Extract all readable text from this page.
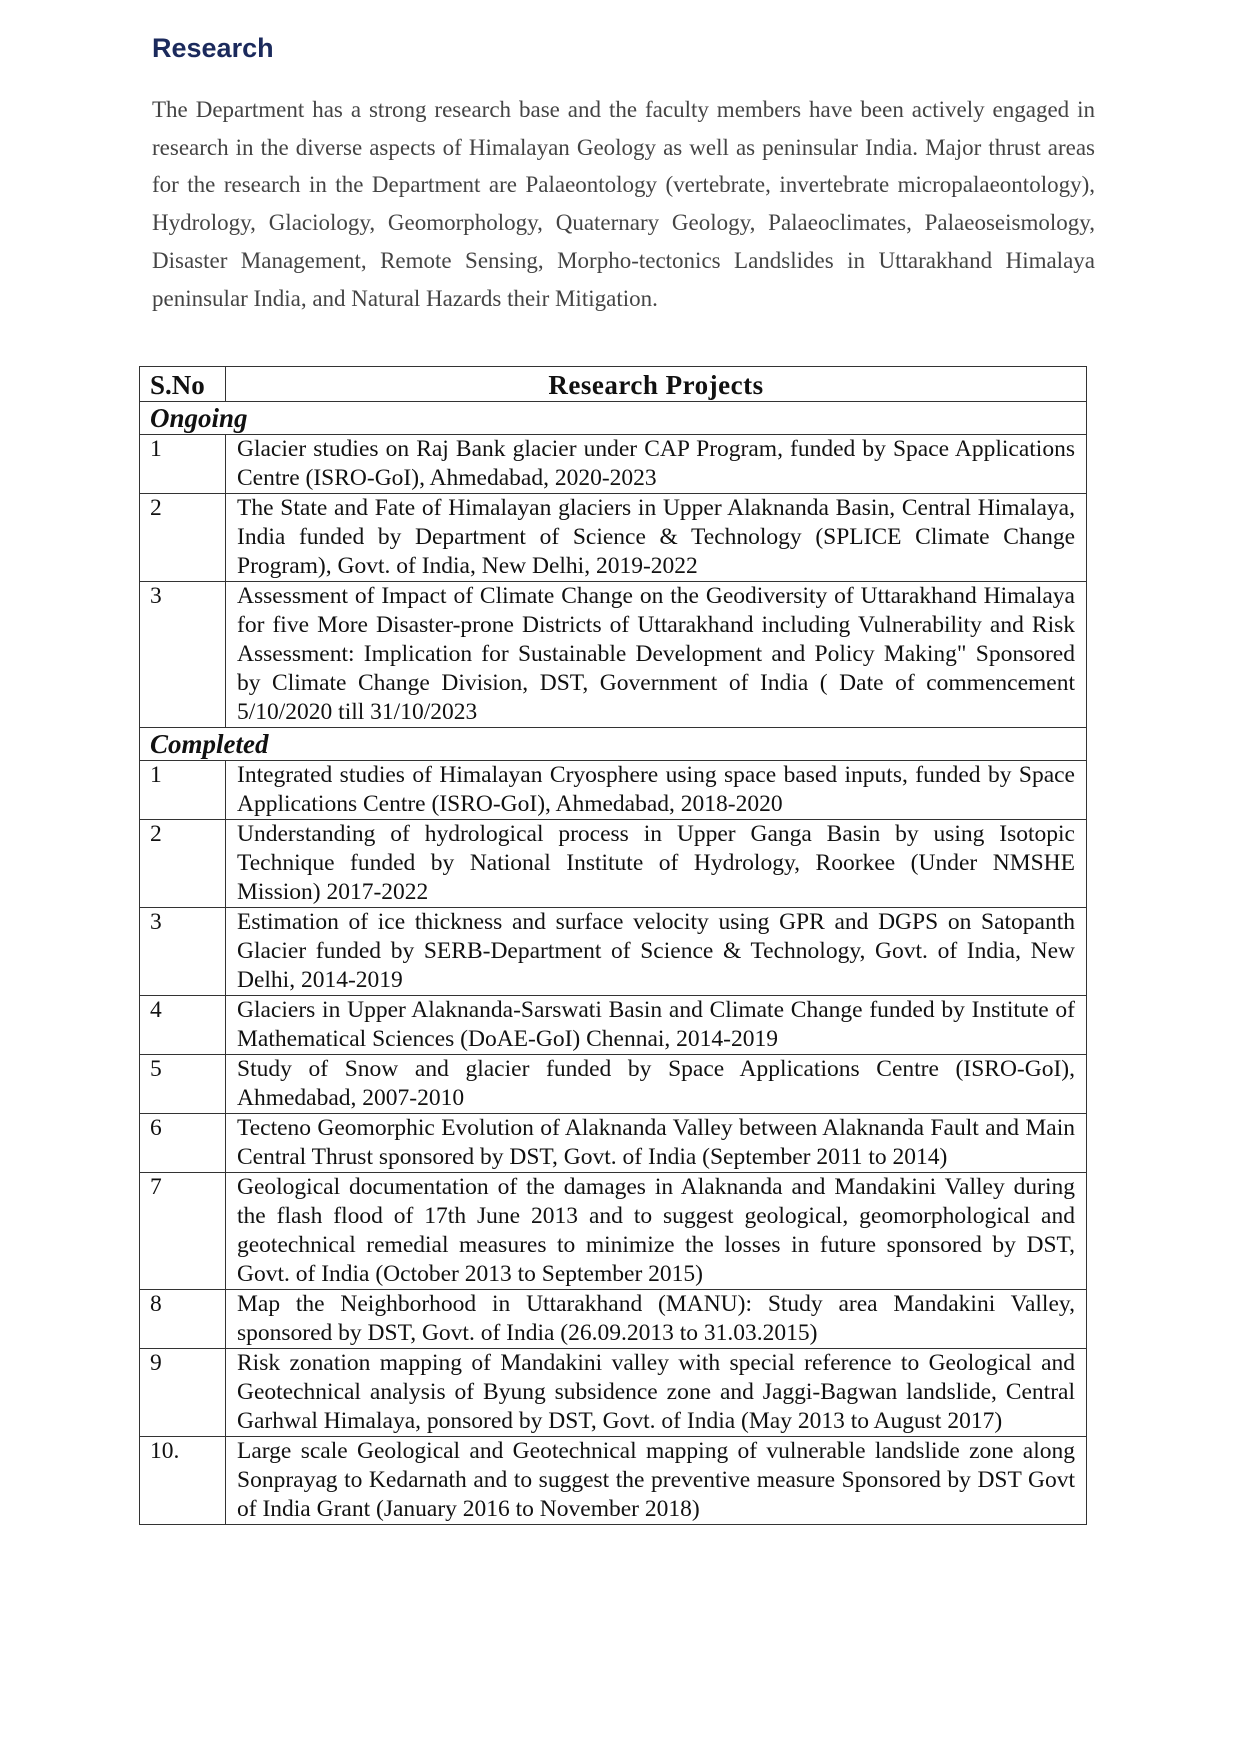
Research

The Department has a strong research base and the faculty members have been actively engaged in research in the diverse aspects of Himalayan Geology as well as peninsular India. Major thrust areas for the research in the Department are Palaeontology (vertebrate, invertebrate micropalaeontology), Hydrology, Glaciology, Geomorphology, Quaternary Geology, Palaeoclimates, Palaeoseismology, Disaster Management, Remote Sensing, Morpho-tectonics Landslides in Uttarakhand Himalaya peninsular India, and Natural Hazards their Mitigation.

S.No	Research Projects
Ongoing	
1	Glacier studies on Raj Bank glacier under CAP Program, funded by Space Applications Centre (ISRO-GoI), Ahmedabad, 2020-2023
2	The State and Fate of Himalayan glaciers in Upper Alaknanda Basin, Central Himalaya, India funded by Department of Science & Technology (SPLICE Climate Change Program), Govt. of India, New Delhi, 2019-2022
3	Assessment of Impact of Climate Change on the Geodiversity of Uttarakhand Himalaya for five More Disaster-prone Districts of Uttarakhand including Vulnerability and Risk Assessment: Implication for Sustainable Development and Policy Making" Sponsored by Climate Change Division, DST, Government of India ( Date of commencement 5/10/2020 till 31/10/2023
Completed	
1	Integrated studies of Himalayan Cryosphere using space based inputs, funded by Space Applications Centre (ISRO-GoI), Ahmedabad, 2018-2020
2	Understanding of hydrological process in Upper Ganga Basin by using Isotopic Technique funded by National Institute of Hydrology, Roorkee (Under NMSHE Mission) 2017-2022
3	Estimation of ice thickness and surface velocity using GPR and DGPS on Satopanth Glacier funded by SERB-Department of Science & Technology, Govt. of India, New Delhi, 2014-2019
4	Glaciers in Upper Alaknanda-Sarswati Basin and Climate Change funded by Institute of Mathematical Sciences (DoAE-GoI) Chennai, 2014-2019
5	Study of Snow and glacier funded by Space Applications Centre (ISRO-GoI), Ahmedabad, 2007-2010
6	Tecteno Geomorphic Evolution of Alaknanda Valley between Alaknanda Fault and Main Central Thrust sponsored by DST, Govt. of India (September 2011 to 2014)
7	Geological documentation of the damages in Alaknanda and Mandakini Valley during the flash flood of 17th June 2013 and to suggest geological, geomorphological and geotechnical remedial measures to minimize the losses in future sponsored by DST, Govt. of India (October 2013 to September 2015)
8	Map the Neighborhood in Uttarakhand (MANU): Study area Mandakini Valley, sponsored by DST, Govt. of India (26.09.2013 to 31.03.2015)
9	Risk zonation mapping of Mandakini valley with special reference to Geological and Geotechnical analysis of Byung subsidence zone and Jaggi-Bagwan landslide, Central Garhwal Himalaya, ponsored by DST, Govt. of India (May 2013 to August 2017)
10.	Large scale Geological and Geotechnical mapping of vulnerable landslide zone along Sonprayag to Kedarnath and to suggest the preventive measure Sponsored by DST Govt of India Grant (January 2016 to November 2018)
